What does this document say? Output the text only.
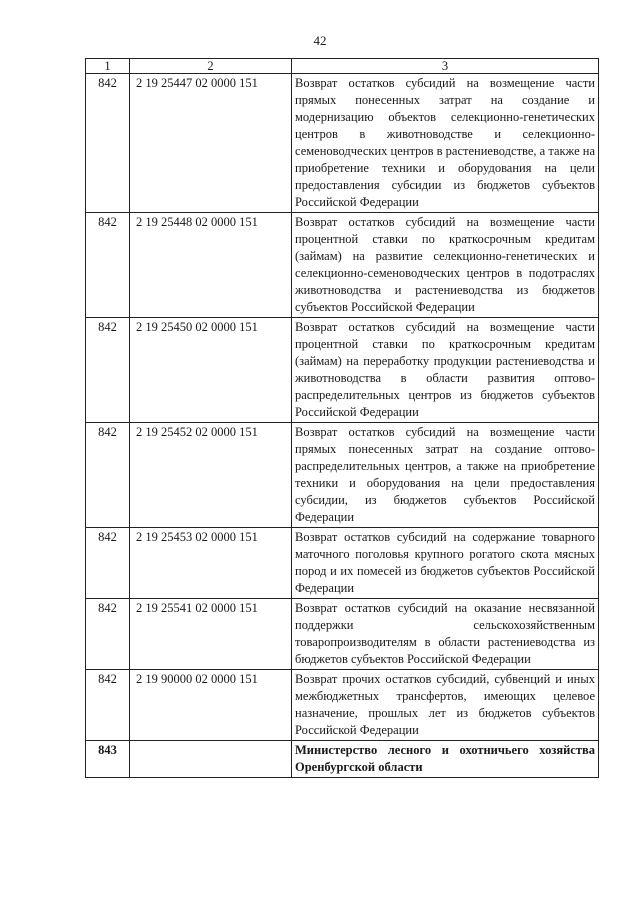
42
1	2	3
842	2 19 25447 02 0000 151	Возврат остатков субсидий на возмещение части прямых понесенных затрат на создание и модернизацию объектов селекционно-генетических центров в животноводстве и селекционно-семеноводческих центров в растениеводстве, а также на приобретение техники и оборудования на цели предоставления субсидии из бюджетов субъектов Российской Федерации
842	2 19 25448 02 0000 151	Возврат остатков субсидий на возмещение части процентной ставки по краткосрочным кредитам (займам) на развитие селекционно-генетических и селекционно-семеноводческих центров в подотраслях животноводства и растениеводства из бюджетов субъектов Российской Федерации
842	2 19 25450 02 0000 151	Возврат остатков субсидий на возмещение части процентной ставки по краткосрочным кредитам (займам) на переработку продукции растениеводства и животноводства в области развития оптово-распределительных центров из бюджетов субъектов Российской Федерации
842	2 19 25452 02 0000 151	Возврат остатков субсидий на возмещение части прямых понесенных затрат на создание оптово-распределительных центров, а также на приобретение техники и оборудования на цели предоставления субсидии, из бюджетов субъектов Российской Федерации
842	2 19 25453 02 0000 151	Возврат остатков субсидий на содержание товарного маточного поголовья крупного рогатого скота мясных пород и их помесей из бюджетов субъектов Российской Федерации
842	2 19 25541 02 0000 151	Возврат остатков субсидий на оказание несвязанной поддержки сельскохозяйственным товаропроизводителям в области растениеводства из бюджетов субъектов Российской Федерации
842	2 19 90000 02 0000 151	Возврат прочих остатков субсидий, субвенций и иных межбюджетных трансфертов, имеющих целевое назначение, прошлых лет из бюджетов субъектов Российской Федерации
843		Министерство лесного и охотничьего хозяйства Оренбургской области
